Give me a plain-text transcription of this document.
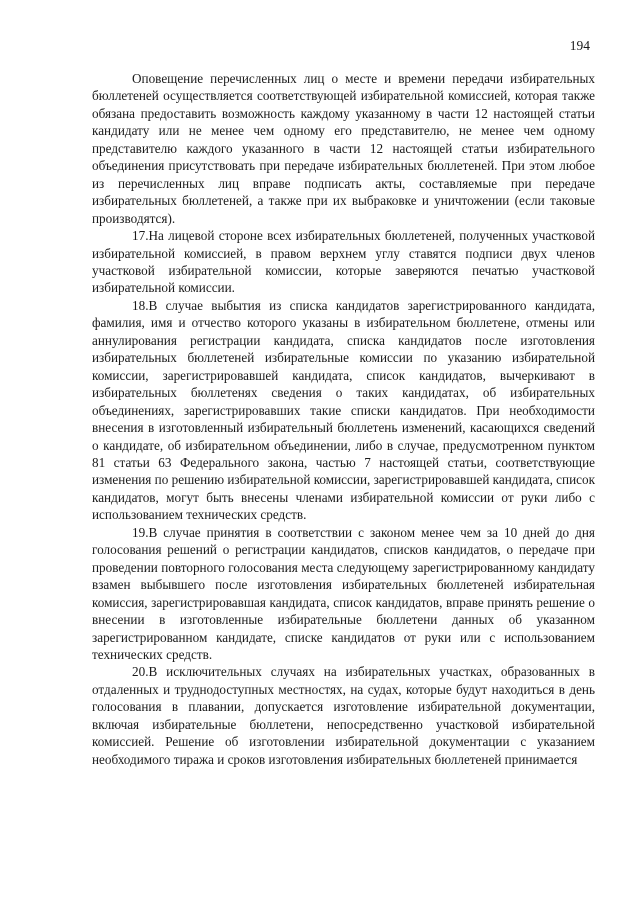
194

Оповещение перечисленных лиц о месте и времени передачи избирательных бюллетеней осуществляется соответствующей избирательной комиссией, которая также обязана предоставить возможность каждому указанному в части 12 настоящей статьи кандидату или не менее чем одному его представителю, не менее чем одному представителю каждого указанного в части 12 настоящей статьи избирательного объединения присутствовать при передаче избирательных бюллетеней. При этом любое из перечисленных лиц вправе подписать акты, составляемые при передаче избирательных бюллетеней, а также при их выбраковке и уничтожении (если таковые производятся).

17.На лицевой стороне всех избирательных бюллетеней, полученных участковой избирательной комиссией, в правом верхнем углу ставятся подписи двух членов участковой избирательной комиссии, которые заверяются печатью участковой избирательной комиссии.

18.В случае выбытия из списка кандидатов зарегистрированного кандидата, фамилия, имя и отчество которого указаны в избирательном бюллетене, отмены или аннулирования регистрации кандидата, списка кандидатов после изготовления избирательных бюллетеней избирательные комиссии по указанию избирательной комиссии, зарегистрировавшей кандидата, список кандидатов, вычеркивают в избирательных бюллетенях сведения о таких кандидатах, об избирательных объединениях, зарегистрировавших такие списки кандидатов. При необходимости внесения в изготовленный избирательный бюллетень изменений, касающихся сведений о кандидате, об избирательном объединении, либо в случае, предусмотренном пунктом 81 статьи 63 Федерального закона, частью 7 настоящей статьи, соответствующие изменения по решению избирательной комиссии, зарегистрировавшей кандидата, список кандидатов, могут быть внесены членами избирательной комиссии от руки либо с использованием технических средств.

19.В случае принятия в соответствии с законом менее чем за 10 дней до дня голосования решений о регистрации кандидатов, списков кандидатов, о передаче при проведении повторного голосования места следующему зарегистрированному кандидату взамен выбывшего после изготовления избирательных бюллетеней избирательная комиссия, зарегистрировавшая кандидата, список кандидатов, вправе принять решение о внесении в изготовленные избирательные бюллетени данных об указанном зарегистрированном кандидате, списке кандидатов от руки или с использованием технических средств.

20.В исключительных случаях на избирательных участках, образованных в отдаленных и труднодоступных местностях, на судах, которые будут находиться в день голосования в плавании, допускается изготовление избирательной документации, включая избирательные бюллетени, непосредственно участковой избирательной комиссией. Решение об изготовлении избирательной документации с указанием необходимого тиража и сроков изготовления избирательных бюллетеней принимается
